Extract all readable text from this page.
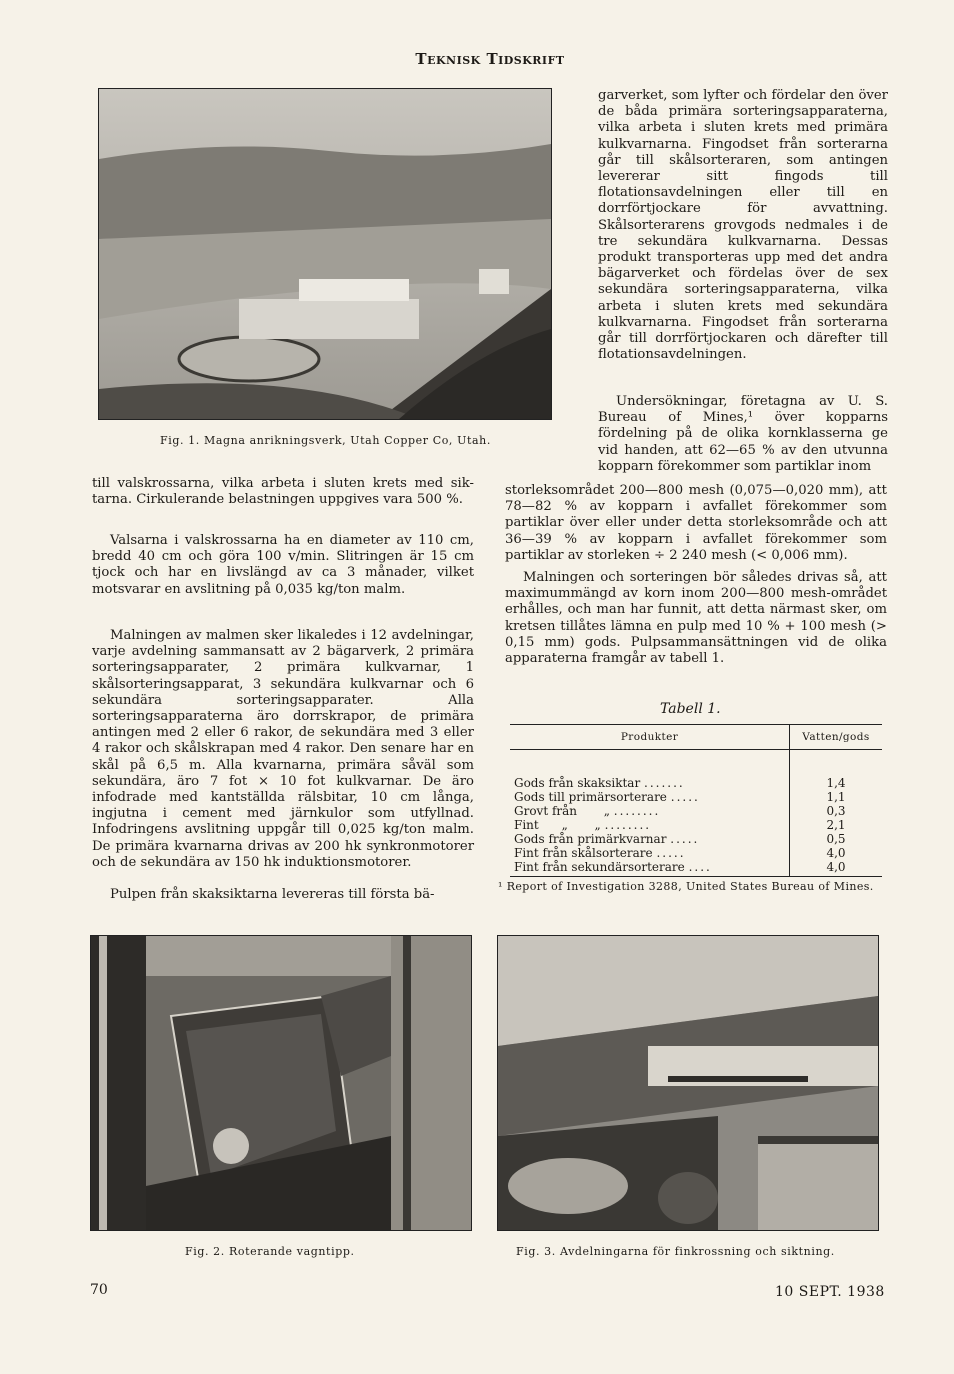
Teknisk Tidskrift
Fig. 1. Magna anrikningsverk, Utah Copper Co, Utah.

till valskrossarna, vilka arbeta i sluten krets med sik-tarna. Cirkulerande belastningen uppgives vara 500 %.

Valsarna i valskrossarna ha en diameter av 110 cm, bredd 40 cm och göra 100 v/min. Slitringen är 15 cm tjock och har en livslängd av ca 3 månader, vilket motsvarar en avslitning på 0,035 kg/ton malm.

Malningen av malmen sker likaledes i 12 avdelningar, varje avdelning sammansatt av 2 bägarverk, 2 primära sorteringsapparater, 2 primära kulkvarnar, 1 skålsorteringsapparat, 3 sekundära kulkvarnar och 6 sekundära sorteringsapparater. Alla sorteringsapparaterna äro dorrskrapor, de primära antingen med 2 eller 6 rakor, de sekundära med 3 eller 4 rakor och skålskrapan med 4 rakor. Den senare har en skål på 6,5 m. Alla kvarnarna, primära såväl som sekundära, äro 7 fot × 10 fot kulkvarnar. De äro infodrade med kantställda rälsbitar, 10 cm långa, ingjutna i cement med järnkulor som utfyllnad. Infodringens avslitning uppgår till 0,025 kg/ton malm. De primära kvarnarna drivas av 200 hk synkronmotorer och de sekundära av 150 hk induktionsmotorer.

Pulpen från skaksiktarna levereras till första bä-

garverket, som lyfter och fördelar den över de båda primära sorteringsapparaterna, vilka arbeta i sluten krets med primära kulkvarnarna. Fingodset från sorterarna går till skålsorteraren, som antingen levererar sitt fingods till flotationsavdelningen eller till en dorrförtjockare för avvattning. Skålsorterarens grovgods nedmales i de tre sekundära kulkvarnarna. Dessas produkt transporteras upp med det andra bägarverket och fördelas över de sex sekundära sorteringsapparaterna, vilka arbeta i sluten krets med sekundära kulkvarnarna. Fingodset från sorterarna går till dorrförtjockaren och därefter till flotationsavdelningen.

Undersökningar, företagna av U. S. Bureau of Mines,¹ över kopparns fördelning på de olika kornklasserna ge vid handen, att 62—65 % av den utvunna kopparn förekommer som partiklar inom

storleksområdet 200—800 mesh (0,075—0,020 mm), att 78—82 % av kopparn i avfallet förekommer som partiklar över eller under detta storleksområde och att 36—39 % av kopparn i avfallet förekommer som partiklar av storleken ÷ 2 240 mesh (< 0,006 mm).

Malningen och sorteringen bör således drivas så, att maximummängd av korn inom 200—800 mesh-området erhålles, och man har funnit, att detta närmast sker, om kretsen tillåtes lämna en pulp med 10 % + 100 mesh (> 0,15 mm) gods. Pulpsammansättningen vid de olika apparaterna framgår av tabell 1.

Tabell 1.
Produkter	Vatten/gods

Gods från skaksiktar .......	1,4
Gods till primärsorterare .....	1,1
Grovt från       „ ........	0,3
Fint      „       „ ........	2,1
Gods från primärkvarnar .....	0,5
Fint från skålsorterare .....	4,0
Fint från sekundärsorterare ....	4,0
¹ Report of Investigation 3288, United States Bureau of Mines.
Fig. 2. Roterande vagntipp.	Fig. 3. Avdelningarna för finkrossning och siktning.
70	10 SEPT. 1938
